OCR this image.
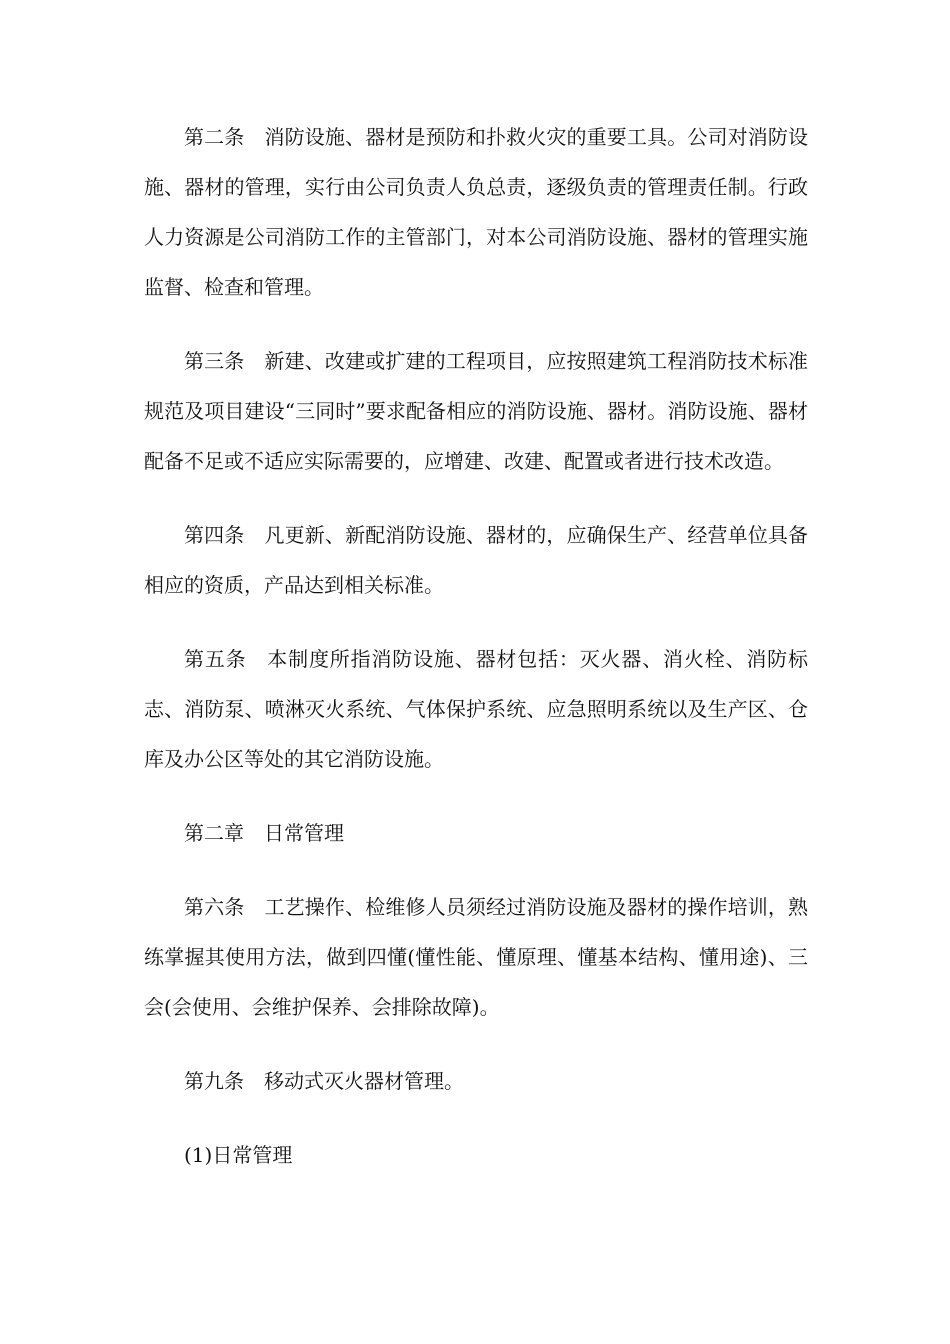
第二条　消防设施、器材是预防和扑救火灾的重要工具。公司对消防设施、器材的管理，实行由公司负责人负总责，逐级负责的管理责任制。行政人力资源是公司消防工作的主管部门，对本公司消防设施、器材的管理实施监督、检查和管理。

第三条　新建、改建或扩建的工程项目，应按照建筑工程消防技术标准规范及项目建设“三同时”要求配备相应的消防设施、器材。消防设施、器材配备不足或不适应实际需要的，应增建、改建、配置或者进行技术改造。

第四条　凡更新、新配消防设施、器材的，应确保生产、经营单位具备相应的资质，产品达到相关标准。

第五条　本制度所指消防设施、器材包括：灭火器、消火栓、消防标志、消防泵、喷淋灭火系统、气体保护系统、应急照明系统以及生产区、仓库及办公区等处的其它消防设施。

第二章　日常管理

第六条　工艺操作、检维修人员须经过消防设施及器材的操作培训，熟练掌握其使用方法，做到四懂(懂性能、懂原理、懂基本结构、懂用途)、三会(会使用、会维护保养、会排除故障)。

第九条　移动式灭火器材管理。

(1)日常管理
